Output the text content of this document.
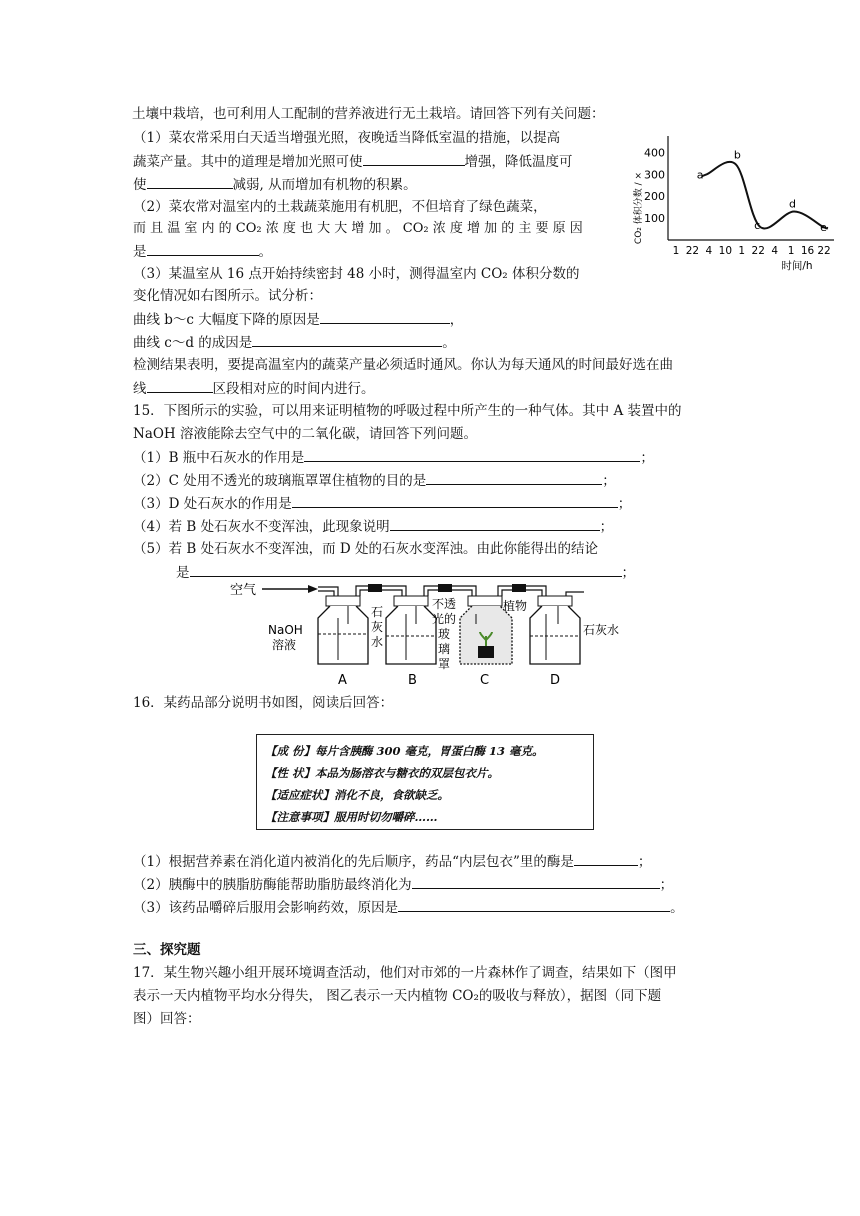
土壤中栽培，也可利用人工配制的营养液进行无土栽培。请回答下列有关问题：
（1）菜农常采用白天适当增强光照，夜晚适当降低室温的措施，以提高
蔬菜产量。其中的道理是增加光照可使	增强，降低温度可
使	减弱, 从而增加有机物的积累。
（2）菜农常对温室内的土栽蔬菜施用有机肥，不但培育了绿色蔬菜，
而 且 温 室 内 的 CO₂ 浓 度 也 大 大 增 加 。 CO₂ 浓 度 增 加 的 主 要 原 因
是	。
（3）某温室从 16 点开始持续密封 48 小时，测得温室内 CO₂ 体积分数的
变化情况如右图所示。试分析：
曲线 b～c 大幅度下降的原因是	，
曲线 c～d 的成因是	。
检测结果表明，要提高温室内的蔬菜产量必须适时通风。你认为每天通风的时间最好选在曲
线	区段相对应的时间内进行。
100
200
300
400
1 22 4 10 1 22 4 1 16 22
a
b
c
d
e
CO₂ 体积分数 / ×
时间/h
15．下图所示的实验，可以用来证明植物的呼吸过程中所产生的一种气体。其中 A 装置中的
NaOH 溶液能除去空气中的二氧化碳，请回答下列问题。
（1）B 瓶中石灰水的作用是	；
（2）C 处用不透光的玻璃瓶罩罩住植物的目的是	；
（3）D 处石灰水的作用是	；
（4）若 B 处石灰水不变浑浊，此现象说明	；
（5）若 B 处石灰水不变浑浊，而 D 处的石灰水变浑浊。由此你能得出的结论
是	；
空气
NaOH
溶液
石
灰
水
不透
光的
玻
璃
罩
植物
石灰水
A	B	C	D
16．某药品部分说明书如图，阅读后回答：
【成 份】每片含胰酶 300 毫克，胃蛋白酶 13 毫克。
【性 状】本品为肠溶衣与糖衣的双层包衣片。
【适应症状】消化不良，食欲缺乏。
【注意事项】服用时切勿嚼碎……
（1）根据营养素在消化道内被消化的先后顺序，药品“内层包衣”里的酶是	；
（2）胰酶中的胰脂肪酶能帮助脂肪最终消化为	；
（3）该药品嚼碎后服用会影响药效，原因是	。
三、探究题
17．某生物兴趣小组开展环境调查活动，他们对市郊的一片森林作了调查，结果如下（图甲
表示一天内植物平均水分得失， 图乙表示一天内植物 CO₂的吸收与释放），据图（同下题
图）回答：
